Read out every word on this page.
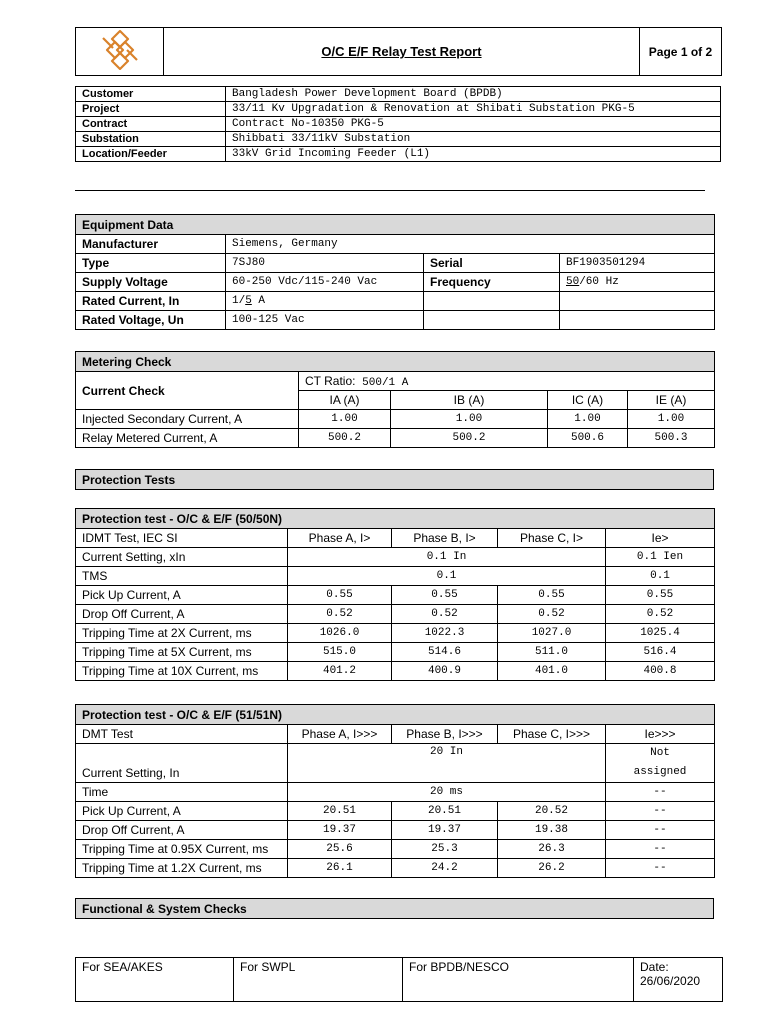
	O/C E/F Relay Test Report	Page 1 of 2
Customer	Bangladesh Power Development Board (BPDB)
Project	33/11 Kv Upgradation & Renovation at Shibati Substation PKG-5
Contract	Contract No-10350 PKG-5
Substation	Shibbati 33/11kV Substation
Location/Feeder	33kV Grid Incoming Feeder (L1)
Equipment Data			
Manufacturer	Siemens, Germany		
Type	7SJ80	Serial	BF1903501294
Supply Voltage	60-250 Vdc/115-240 Vac	Frequency	50/60 Hz
Rated Current, In	1/5 A		
Rated Voltage, Un	100-125 Vac		
Metering Check				
Current Check	CT Ratio: 500/1 A			
	IA (A)	IB (A)	IC (A)	IE (A)
Injected Secondary Current, A	1.00	1.00	1.00	1.00
Relay Metered Current, A	500.2	500.2	500.6	500.3
Protection Tests
Protection test - O/C & E/F (50/50N)				
IDMT Test, IEC SI	Phase A, I>	Phase B, I>	Phase C, I>	Ie>
Current Setting, xIn	0.1 In			0.1 Ien
TMS	0.1			0.1
Pick Up Current, A	0.55	0.55	0.55	0.55
Drop Off Current, A	0.52	0.52	0.52	0.52
Tripping Time at 2X Current, ms	1026.0	1022.3	1027.0	1025.4
Tripping Time at 5X Current, ms	515.0	514.6	511.0	516.4
Tripping Time at 10X Current, ms	401.2	400.9	401.0	400.8
Protection test - O/C & E/F (51/51N)				
DMT Test	Phase A, I>>>	Phase B, I>>>	Phase C, I>>>	Ie>>>
Current Setting, In	20 In			Not
assigned

Time	20 ms			--
Pick Up Current, A	20.51	20.51	20.52	--
Drop Off Current, A	19.37	19.37	19.38	--
Tripping Time at 0.95X Current, ms	25.6	25.3	26.3	--
Tripping Time at 1.2X Current, ms	26.1	24.2	26.2	--
Functional & System Checks
For SEA/AKES	For SWPL	For BPDB/NESCO	Date:
26/06/2020
